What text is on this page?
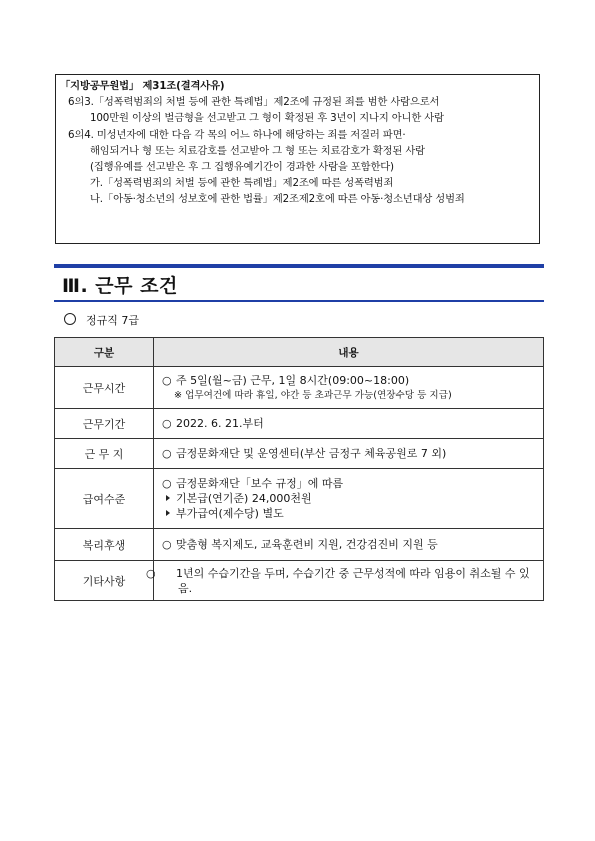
「지방공무원법」 제31조(결격사유)
6의3.「성폭력범죄의 처벌 등에 관한 특례법」제2조에 규정된 죄를 범한 사람으로서
100만원 이상의 벌금형을 선고받고 그 형이 확정된 후 3년이 지나지 아니한 사람
6의4. 미성년자에 대한 다음 각 목의 어느 하나에 해당하는 죄를 저질러 파면·
해임되거나 형 또는 치료감호를 선고받아 그 형 또는 치료감호가 확정된 사람
(집행유예를 선고받은 후 그 집행유예기간이 경과한 사람을 포함한다)
가.「성폭력범죄의 처벌 등에 관한 특례법」제2조에 따른 성폭력범죄
나.「아동·청소년의 성보호에 관한 법률」제2조제2호에 따른 아동·청소년대상 성범죄
Ⅲ. 근무 조건
정규직 7급
구분	내용
근무시간	○ 주 5일(월~금) 근무, 1일 8시간(09:00~18:00)
※ 업무여건에 따라 휴일, 야간 등 초과근무 가능(연장수당 등 지급)

근무기간	○ 2022. 6. 21.부터

근 무 지	○ 금정문화재단 및 운영센터(부산 금정구 체육공원로 7 외)

급여수준	○ 금정문화재단「보수 규정」에 따름
기본급(연기준) 24,000천원
부가급여(제수당) 별도

복리후생	○ 맞춤형 복지제도, 교육훈련비 지원, 건강검진비 지원 등

기타사항	○ 1년의 수습기간을 두며, 수습기간 중 근무성적에 따라 임용이 취소될 수 있음.
